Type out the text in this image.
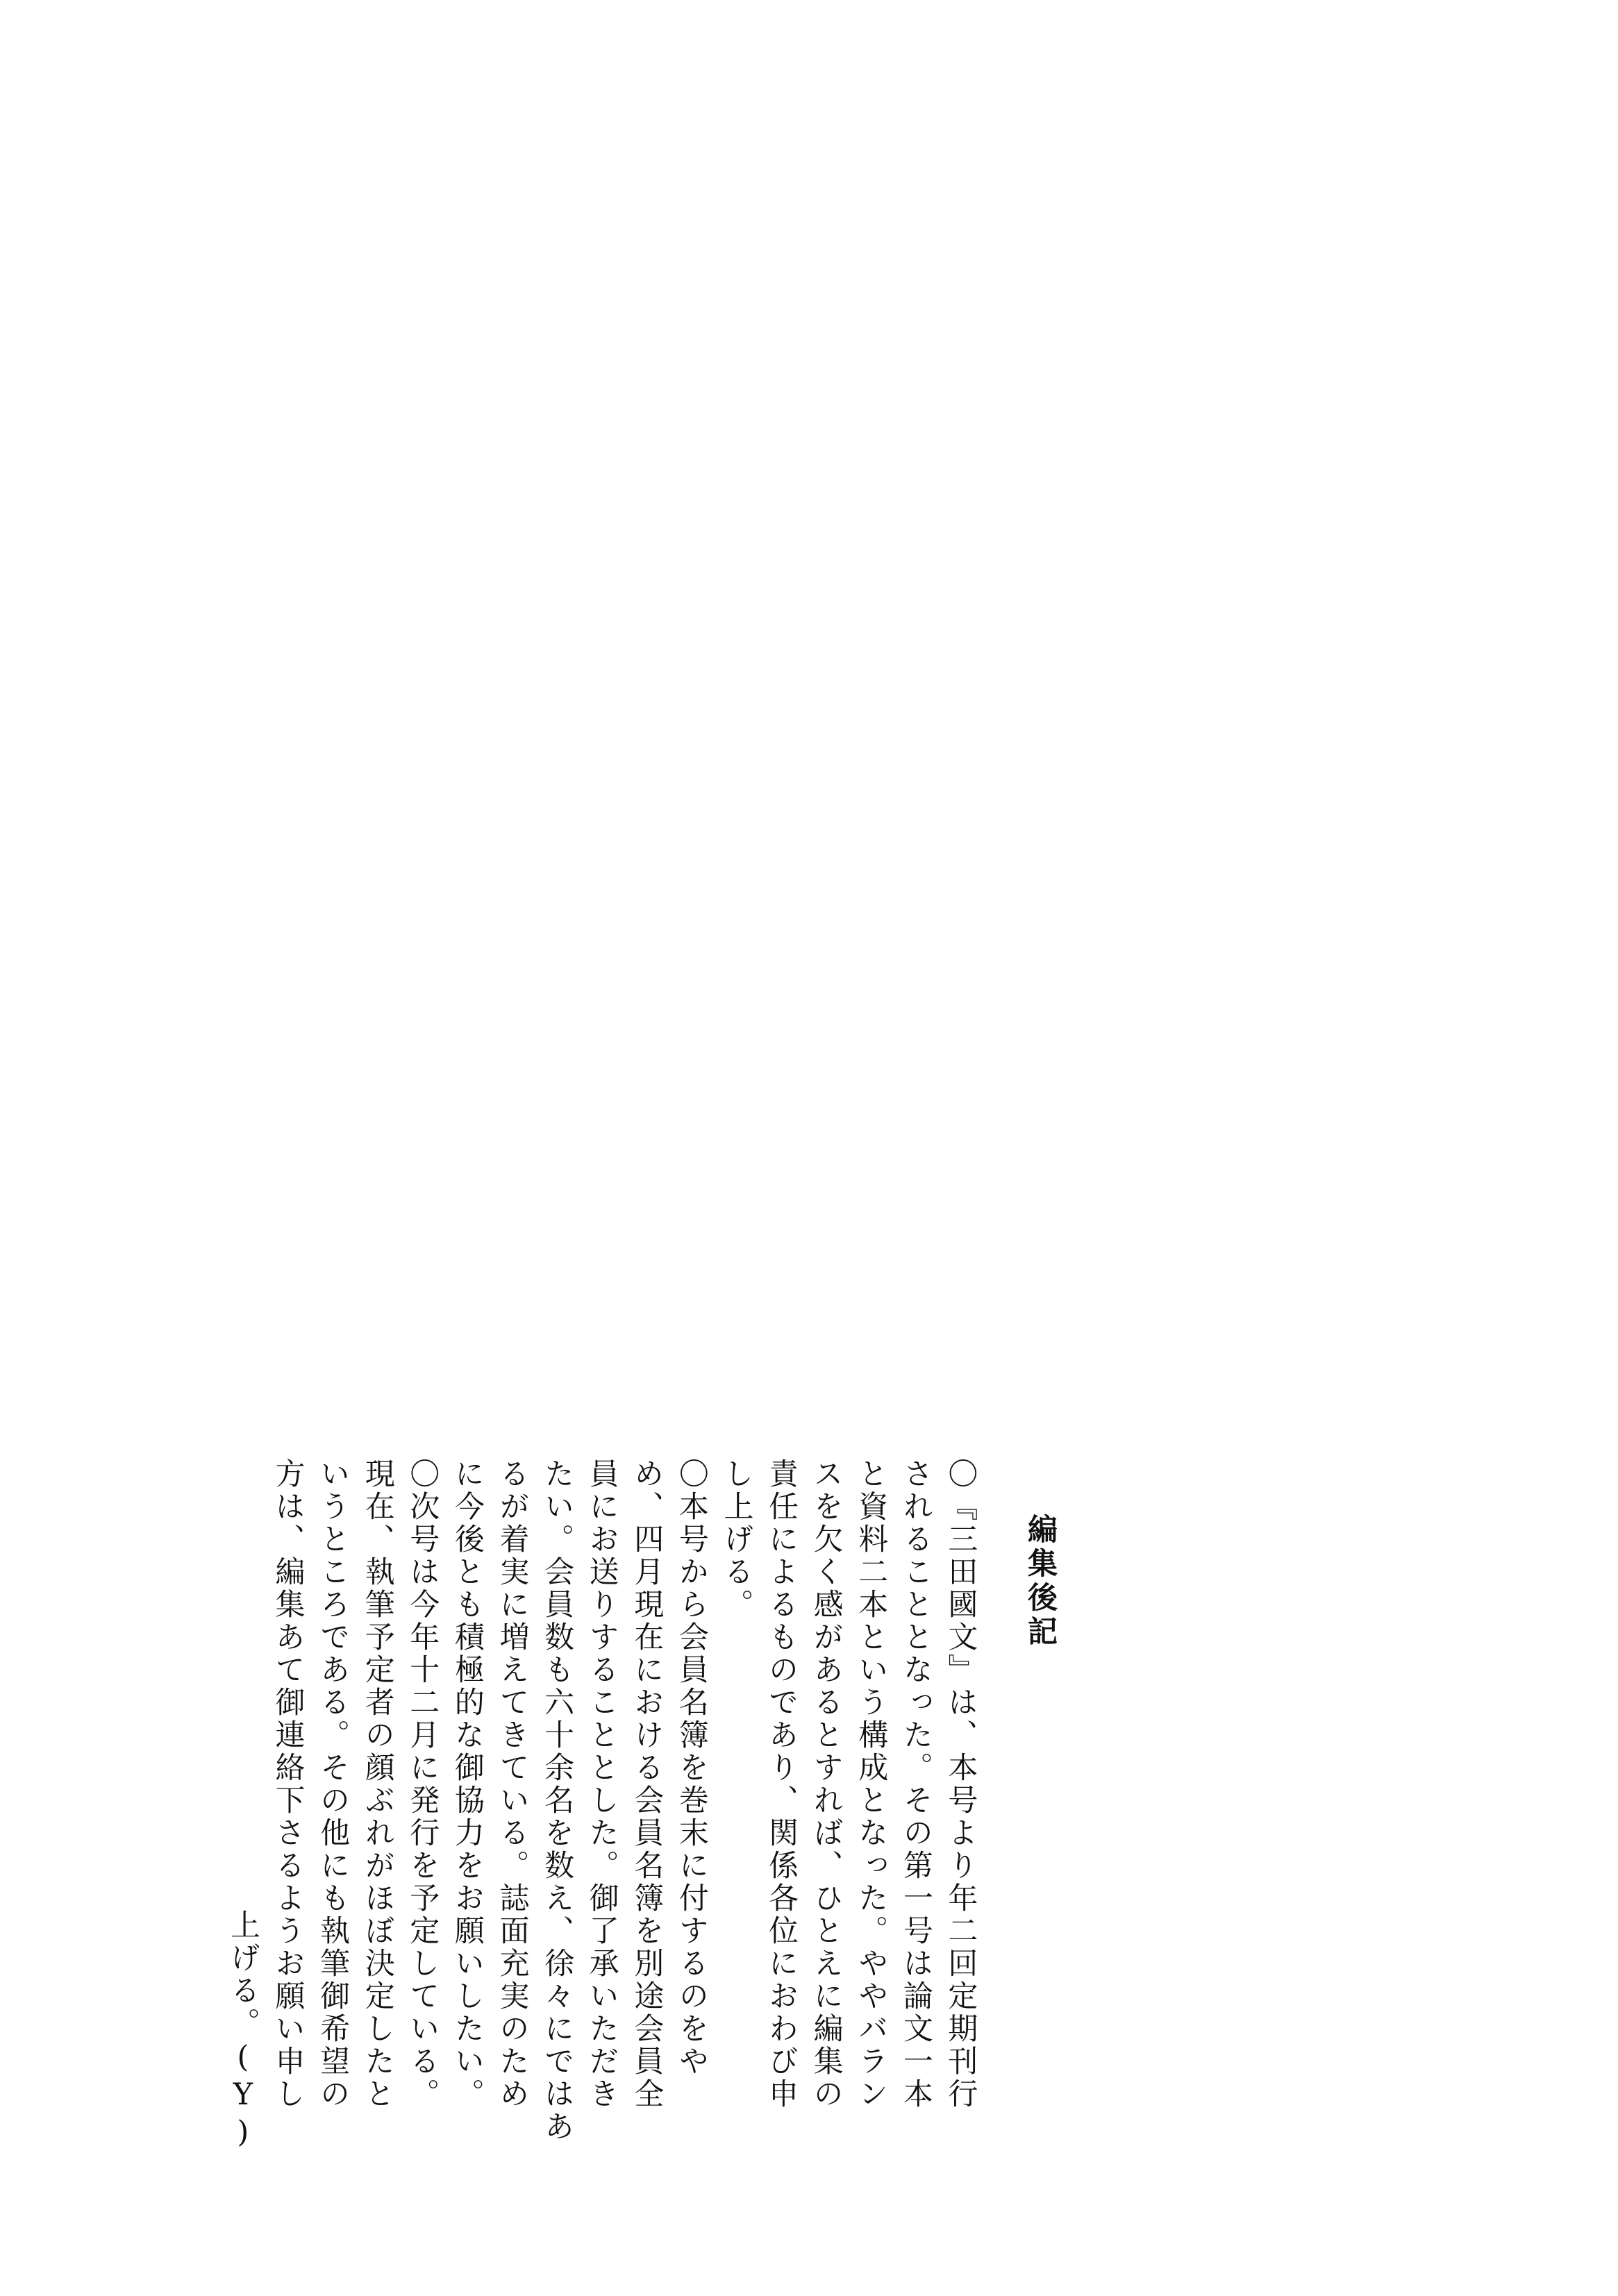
編集後記
〇『三田國文』は、本号より年二回定期刊行
されることとなった。その第一号は論文一本
と資料二本という構成となった。ややバラン
スを欠く感があるとすれば、ひとえに編集の
責任によるものであり、関係各位におわび申
し上げる。
〇本号から会員名簿を巻末に付するのをや
め、四月現在における会員名簿を別途会員全
員にお送りすることとした。御了承いただき
たい。会員数も六十余名を数え、徐々にではあ
るが着実に増えてきている。誌面充実のため
に今後とも積極的な御協力をお願いしたい。
〇次号は今年十二月に発行を予定している。
現在、執筆予定者の顔ぶれがほぼ決定したと
いうところである。その他にも執筆御希望の
方は、編集あて御連絡下さるようお願い申し
上げる。
(Y)
